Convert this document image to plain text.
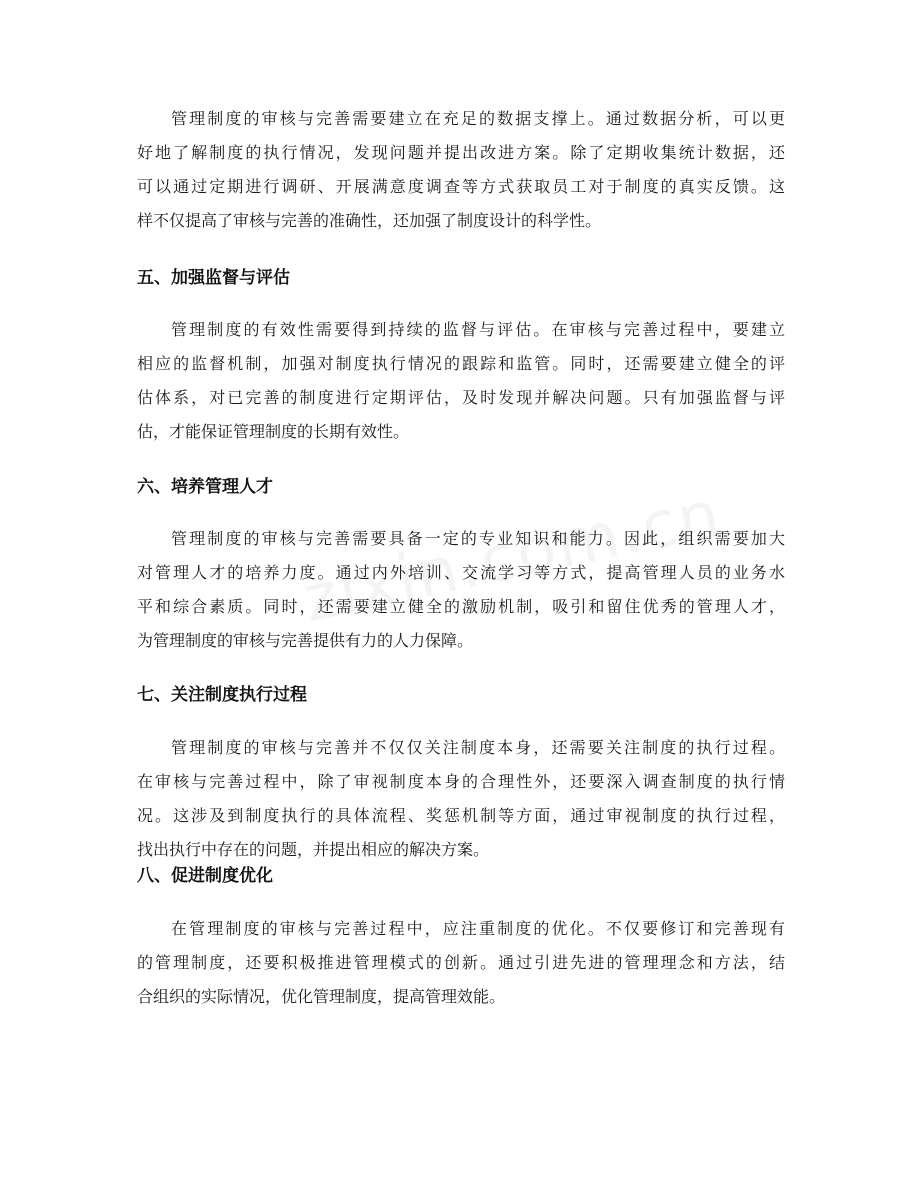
管理制度的审核与完善需要建立在充足的数据支撑上。通过数据分析，可以更
好地了解制度的执行情况，发现问题并提出改进方案。除了定期收集统计数据，还
可以通过定期进行调研、开展满意度调查等方式获取员工对于制度的真实反馈。这
样不仅提高了审核与完善的准确性，还加强了制度设计的科学性。
五、加强监督与评估
管理制度的有效性需要得到持续的监督与评估。在审核与完善过程中，要建立
相应的监督机制，加强对制度执行情况的跟踪和监管。同时，还需要建立健全的评
估体系，对已完善的制度进行定期评估，及时发现并解决问题。只有加强监督与评
估，才能保证管理制度的长期有效性。
六、培养管理人才
管理制度的审核与完善需要具备一定的专业知识和能力。因此，组织需要加大
对管理人才的培养力度。通过内外培训、交流学习等方式，提高管理人员的业务水
平和综合素质。同时，还需要建立健全的激励机制，吸引和留住优秀的管理人才，
为管理制度的审核与完善提供有力的人力保障。
七、关注制度执行过程
管理制度的审核与完善并不仅仅关注制度本身，还需要关注制度的执行过程。
在审核与完善过程中，除了审视制度本身的合理性外，还要深入调查制度的执行情
况。这涉及到制度执行的具体流程、奖惩机制等方面，通过审视制度的执行过程，
找出执行中存在的问题，并提出相应的解决方案。
八、促进制度优化
在管理制度的审核与完善过程中，应注重制度的优化。不仅要修订和完善现有
的管理制度，还要积极推进管理模式的创新。通过引进先进的管理理念和方法，结
合组织的实际情况，优化管理制度，提高管理效能。
